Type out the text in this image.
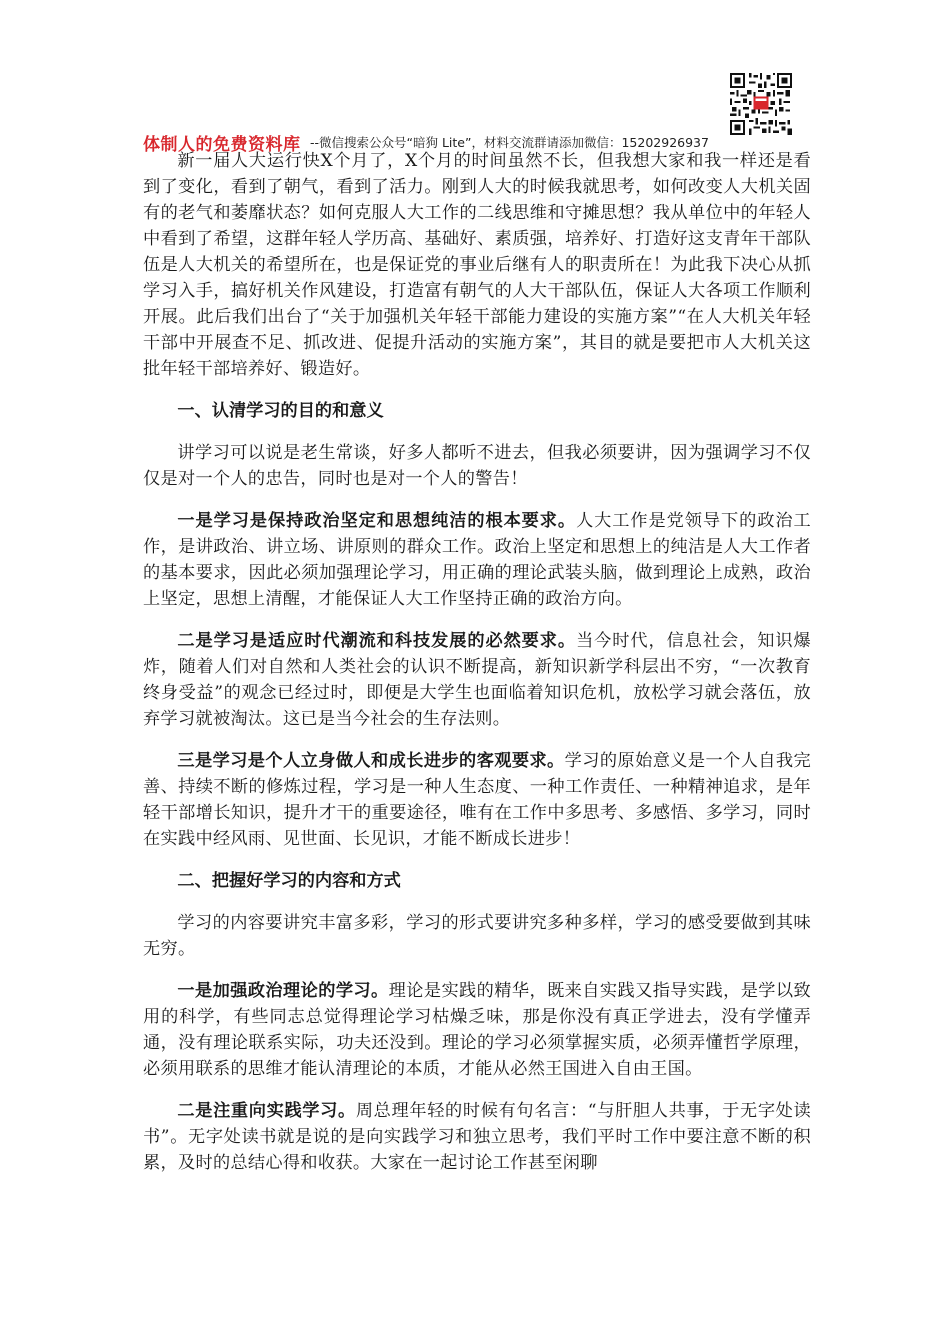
体制人的免费资料库 --微信搜索公众号“暗狗 Lite”，材料交流群请添加微信：15202926937

新一届人大运行快X个月了，X个月的时间虽然不长，但我想大家和我一样还是看到了变化，看到了朝气，看到了活力。刚到人大的时候我就思考，如何改变人大机关固有的老气和萎靡状态？如何克服人大工作的二线思维和守摊思想？我从单位中的年轻人中看到了希望，这群年轻人学历高、基础好、素质强，培养好、打造好这支青年干部队伍是人大机关的希望所在，也是保证党的事业后继有人的职责所在！为此我下决心从抓学习入手，搞好机关作风建设，打造富有朝气的人大干部队伍，保证人大各项工作顺利开展。此后我们出台了“关于加强机关年轻干部能力建设的实施方案”“在人大机关年轻干部中开展查不足、抓改进、促提升活动的实施方案”，其目的就是要把市人大机关这批年轻干部培养好、锻造好。

一、认清学习的目的和意义

讲学习可以说是老生常谈，好多人都听不进去，但我必须要讲，因为强调学习不仅仅是对一个人的忠告，同时也是对一个人的警告！

一是学习是保持政治坚定和思想纯洁的根本要求。人大工作是党领导下的政治工作，是讲政治、讲立场、讲原则的群众工作。政治上坚定和思想上的纯洁是人大工作者的基本要求，因此必须加强理论学习，用正确的理论武装头脑，做到理论上成熟，政治上坚定，思想上清醒，才能保证人大工作坚持正确的政治方向。

二是学习是适应时代潮流和科技发展的必然要求。当今时代，信息社会，知识爆炸，随着人们对自然和人类社会的认识不断提高，新知识新学科层出不穷，“一次教育终身受益”的观念已经过时，即便是大学生也面临着知识危机，放松学习就会落伍，放弃学习就被淘汰。这已是当今社会的生存法则。

三是学习是个人立身做人和成长进步的客观要求。学习的原始意义是一个人自我完善、持续不断的修炼过程，学习是一种人生态度、一种工作责任、一种精神追求，是年轻干部增长知识，提升才干的重要途径，唯有在工作中多思考、多感悟、多学习，同时在实践中经风雨、见世面、长见识，才能不断成长进步！

二、把握好学习的内容和方式

学习的内容要讲究丰富多彩，学习的形式要讲究多种多样，学习的感受要做到其味无穷。

一是加强政治理论的学习。理论是实践的精华，既来自实践又指导实践，是学以致用的科学，有些同志总觉得理论学习枯燥乏味，那是你没有真正学进去，没有学懂弄通，没有理论联系实际，功夫还没到。理论的学习必须掌握实质，必须弄懂哲学原理，必须用联系的思维才能认清理论的本质，才能从必然王国进入自由王国。

二是注重向实践学习。周总理年轻的时候有句名言：“与肝胆人共事，于无字处读书”。无字处读书就是说的是向实践学习和独立思考，我们平时工作中要注意不断的积累，及时的总结心得和收获。大家在一起讨论工作甚至闲聊
